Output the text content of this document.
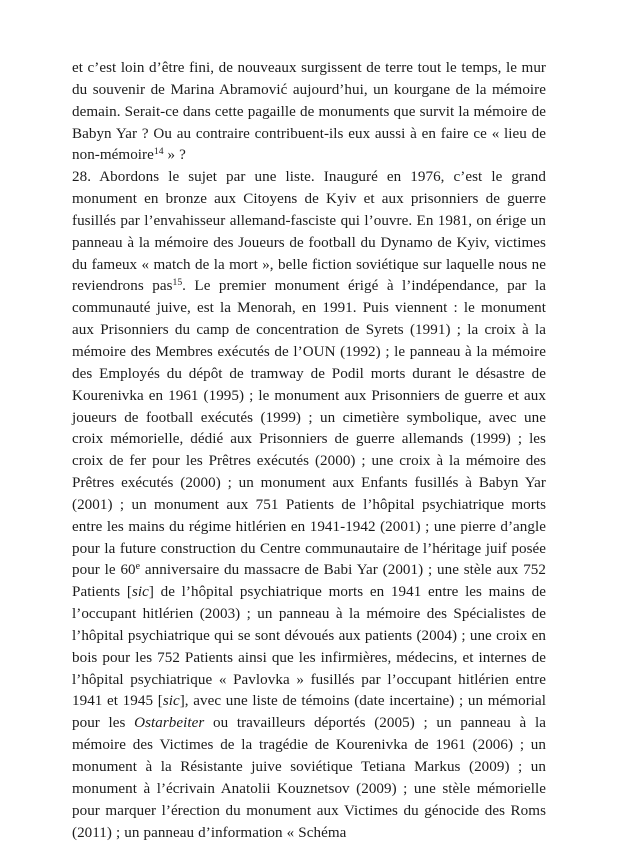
et c’est loin d’être fini, de nouveaux surgissent de terre tout le temps, le mur du souvenir de Marina Abramović aujourd’hui, un kourgane de la mémoire demain. Serait-ce dans cette pagaille de monuments que survit la mémoire de Babyn Yar ? Ou au contraire contribuent-ils eux aussi à en faire ce « lieu de non-mémoire$^{14}$ » ?

28. Abordons le sujet par une liste. Inauguré en 1976, c’est le grand monument en bronze aux Citoyens de Kyiv et aux prisonniers de guerre fusillés par l’envahisseur allemand-fasciste qui l’ouvre. En 1981, on érige un panneau à la mémoire des Joueurs de football du Dynamo de Kyiv, victimes du fameux « match de la mort », belle fiction soviétique sur laquelle nous ne reviendrons pas$^{15}$. Le premier monument érigé à l’indépendance, par la communauté juive, est la Menorah, en 1991. Puis viennent : le monument aux Prisonniers du camp de concentration de Syrets (1991) ; la croix à la mémoire des Membres exécutés de l’OUN (1992) ; le panneau à la mémoire des Employés du dépôt de tramway de Podil morts durant le désastre de Kourenivka en 1961 (1995) ; le monument aux Prisonniers de guerre et aux joueurs de football exécutés (1999) ; un cimetière symbolique, avec une croix mémorielle, dédié aux Prisonniers de guerre allemands (1999) ; les croix de fer pour les Prêtres exécutés (2000) ; une croix à la mémoire des Prêtres exécutés (2000) ; un monument aux Enfants fusillés à Babyn Yar (2001) ; un monument aux 751 Patients de l’hôpital psychiatrique morts entre les mains du régime hitlérien en 1941-1942 (2001) ; une pierre d’angle pour la future construction du Centre communautaire de l’héritage juif posée pour le 60e anniversaire du massacre de Babi Yar (2001) ; une stèle aux 752 Patients [sic] de l’hôpital psychiatrique morts en 1941 entre les mains de l’occupant hitlérien (2003) ; un panneau à la mémoire des Spécialistes de l’hôpital psychiatrique qui se sont dévoués aux patients (2004) ; une croix en bois pour les 752 Patients ainsi que les infirmières, médecins, et internes de l’hôpital psychiatrique « Pavlovka » fusillés par l’occupant hitlérien entre 1941 et 1945 [sic], avec une liste de témoins (date incertaine) ; un mémorial pour les Ostarbeiter ou travailleurs déportés (2005) ; un panneau à la mémoire des Victimes de la tragédie de Kourenivka de 1961 (2006) ; un monument à la Résistante juive soviétique Tetiana Markus (2009) ; un monument à l’écrivain Anatolii Kouznetsov (2009) ; une stèle mémorielle pour marquer l’érection du monument aux Victimes du génocide des Roms (2011) ; un panneau d’information « Schéma
